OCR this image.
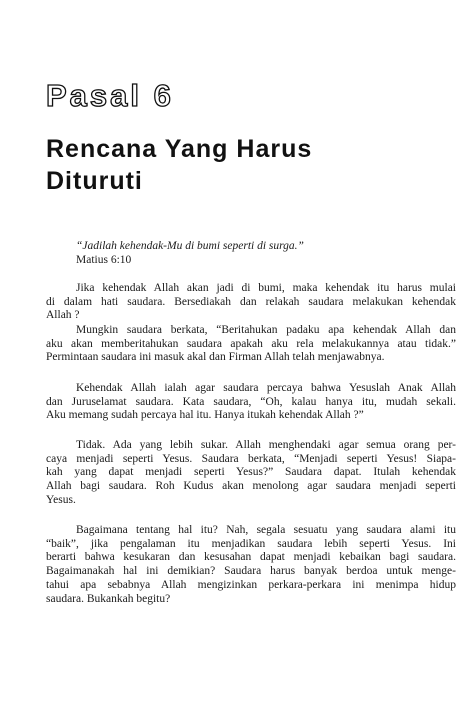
Pasal 6
Rencana Yang Harus
Dituruti
“Jadilah kehendak-Mu di bumi seperti di surga.”
Matius 6:10
Jika kehendak Allah akan jadi di bumi, maka kehendak itu harus mulai
di dalam hati saudara. Bersediakah dan relakah saudara melakukan kehendak
Allah ?
Mungkin saudara berkata, “Beritahukan padaku apa kehendak Allah dan
aku akan memberitahukan saudara apakah aku rela melakukannya atau tidak.”
Permintaan saudara ini masuk akal dan Firman Allah telah menjawabnya.
Kehendak Allah ialah agar saudara percaya bahwa Yesuslah Anak Allah
dan Juruselamat saudara. Kata saudara, “Oh, kalau hanya itu, mudah sekali.
Aku memang sudah percaya hal itu. Hanya itukah kehendak Allah ?”
Tidak. Ada yang lebih sukar. Allah menghendaki agar semua orang per-
caya menjadi seperti Yesus. Saudara berkata, “Menjadi seperti Yesus! Siapa-
kah yang dapat menjadi seperti Yesus?” Saudara dapat. Itulah kehendak
Allah bagi saudara. Roh Kudus akan menolong agar saudara menjadi seperti
Yesus.
Bagaimana tentang hal itu? Nah, segala sesuatu yang saudara alami itu
“baik”, jika pengalaman itu menjadikan saudara lebih seperti Yesus. Ini
berarti bahwa kesukaran dan kesusahan dapat menjadi kebaikan bagi saudara.
Bagaimanakah hal ini demikian? Saudara harus banyak berdoa untuk menge-
tahui apa sebabnya Allah mengizinkan perkara-perkara ini menimpa hidup
saudara. Bukankah begitu?
